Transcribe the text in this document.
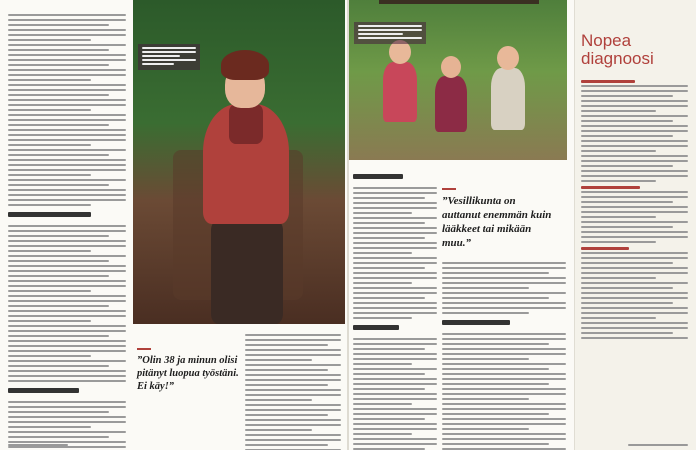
”Olin 38 ja minun olisi pitänyt luopua työstäni. Ei käy!”
”Vesillikunta on auttanut enemmän kuin lääkkeet tai mikään muu.”
Nopea
diagnoosi
